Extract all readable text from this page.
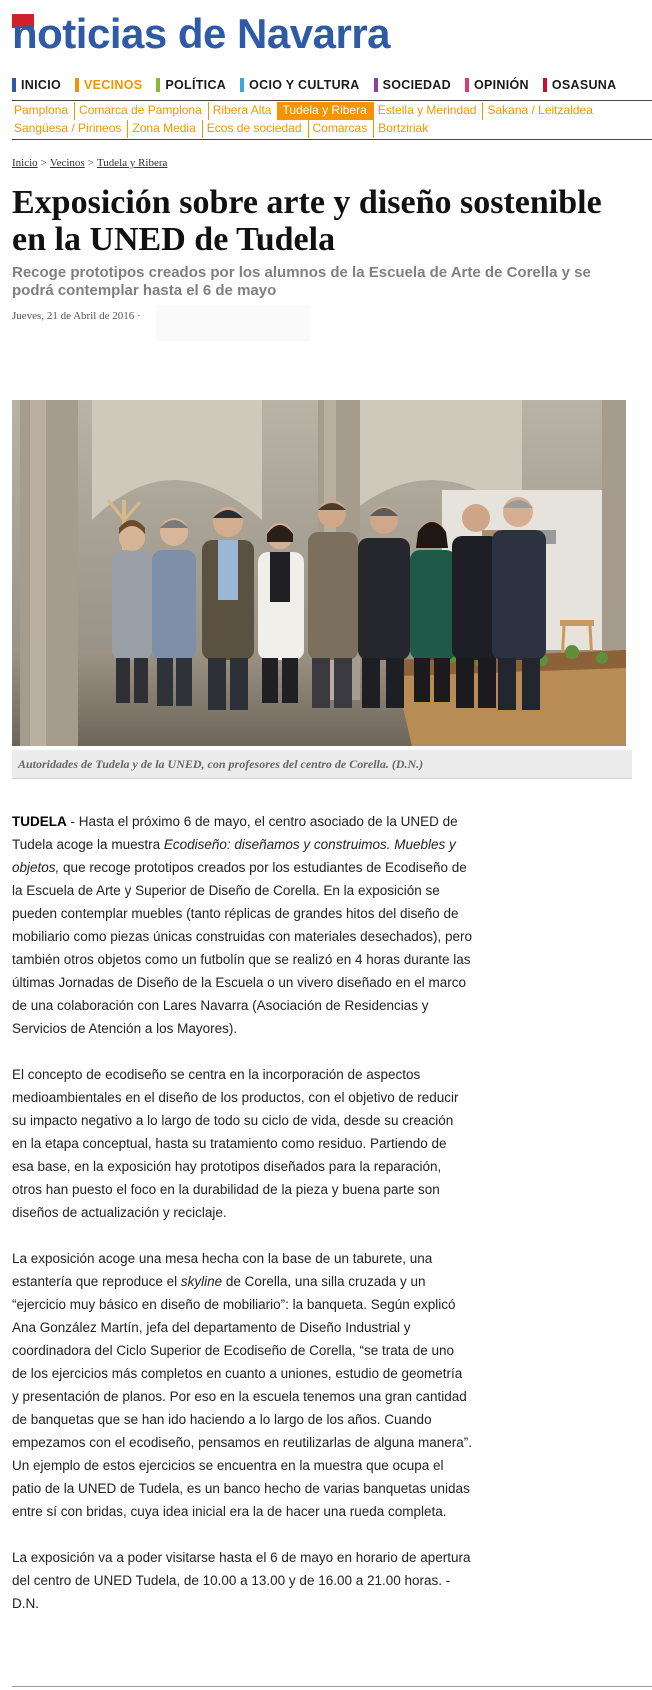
noticias de Navarra
INICIO VECINOS POLÍTICA OCIO Y CULTURA SOCIEDAD OPINIÓN OSASUNA
Pamplona Comarca de Pamplona Ribera Alta Tudela y Ribera Estella y Merindad Sakana / Leitzaldea
Sangüesa / Pirineos Zona Media Ecos de sociedad Comarcas Bortziriak
Inicio > Vecinos > Tudela y Ribera
Exposición sobre arte y diseño sostenible en la UNED de Tudela
Recoge prototipos creados por los alumnos de la Escuela de Arte de Corella y se podrá contemplar hasta el 6 de mayo
Jueves, 21 de Abril de 2016 ·
Autoridades de Tudela y de la UNED, con profesores del centro de Corella. (D.N.)

TUDELA - Hasta el próximo 6 de mayo, el centro asociado de la UNED de Tudela acoge la muestra Ecodiseño: diseñamos y construimos. Muebles y objetos, que recoge prototipos creados por los estudiantes de Ecodiseño de la Escuela de Arte y Superior de Diseño de Corella. En la exposición se pueden contemplar muebles (tanto réplicas de grandes hitos del diseño de mobiliario como piezas únicas construidas con materiales desechados), pero también otros objetos como un futbolín que se realizó en 4 horas durante las últimas Jornadas de Diseño de la Escuela o un vivero diseñado en el marco de una colaboración con Lares Navarra (Asociación de Residencias y Servicios de Atención a los Mayores).

El concepto de ecodiseño se centra en la incorporación de aspectos medioambientales en el diseño de los productos, con el objetivo de reducir su impacto negativo a lo largo de todo su ciclo de vida, desde su creación en la etapa conceptual, hasta su tratamiento como residuo. Partiendo de esa base, en la exposición hay prototipos diseñados para la reparación, otros han puesto el foco en la durabilidad de la pieza y buena parte son diseños de actualización y reciclaje.

La exposición acoge una mesa hecha con la base de un taburete, una estantería que reproduce el skyline de Corella, una silla cruzada y un “ejercicio muy básico en diseño de mobiliario”: la banqueta. Según explicó Ana González Martín, jefa del departamento de Diseño Industrial y coordinadora del Ciclo Superior de Ecodiseño de Corella, “se trata de uno de los ejercicios más completos en cuanto a uniones, estudio de geometría y presentación de planos. Por eso en la escuela tenemos una gran cantidad de banquetas que se han ido haciendo a lo largo de los años. Cuando empezamos con el ecodiseño, pensamos en reutilizarlas de alguna manera”. Un ejemplo de estos ejercicios se encuentra en la muestra que ocupa el patio de la UNED de Tudela, es un banco hecho de varias banquetas unidas entre sí con bridas, cuya idea inicial era la de hacer una rueda completa.

La exposición va a poder visitarse hasta el 6 de mayo en horario de apertura del centro de UNED Tudela, de 10.00 a 13.00 y de 16.00 a 21.00 horas. - D.N.
